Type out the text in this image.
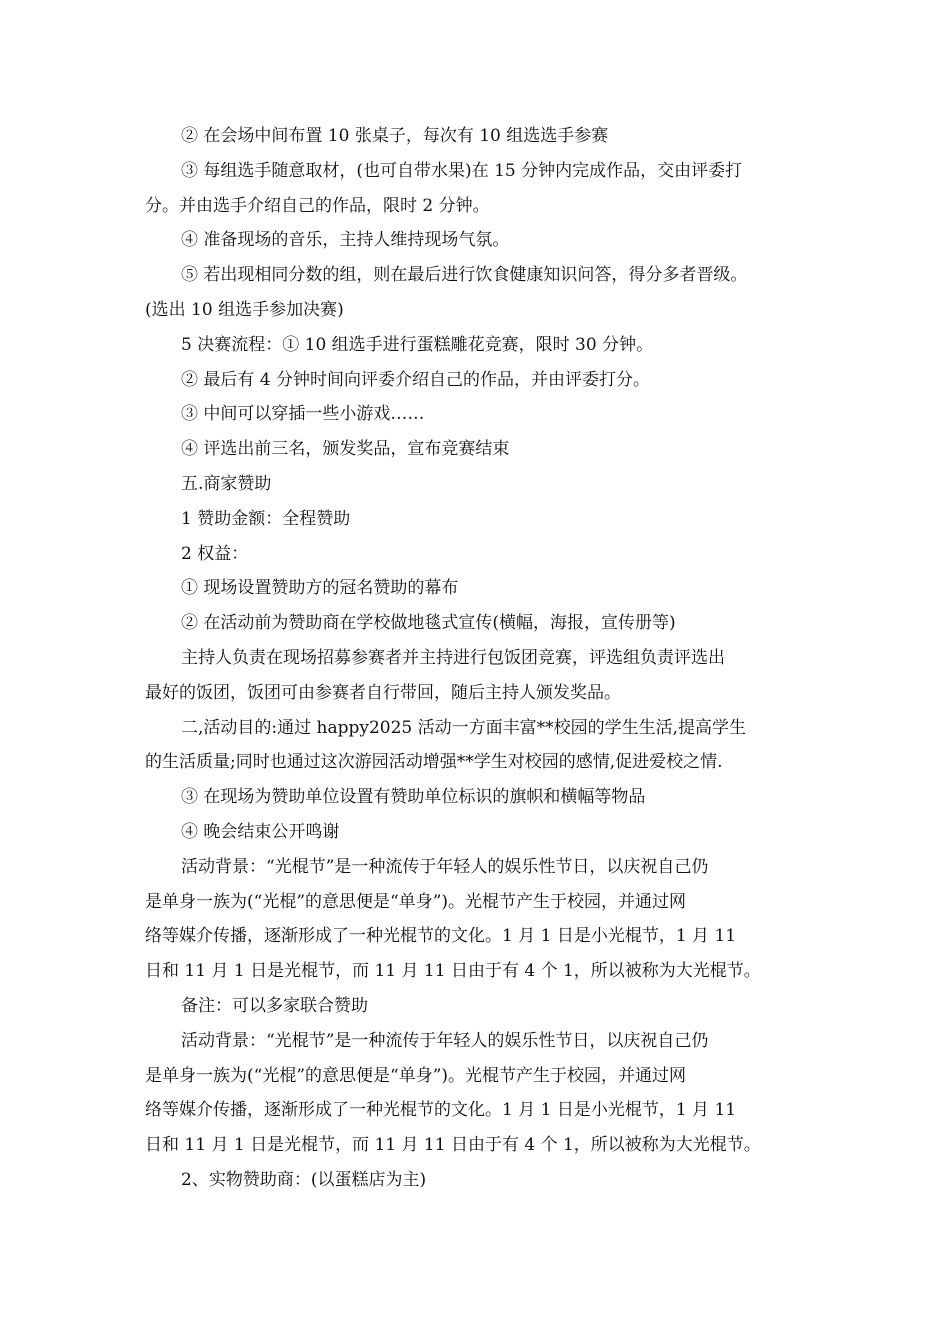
② 在会场中间布置 10 张桌子，每次有 10 组选选手参赛
③ 每组选手随意取材，(也可自带水果)在 15 分钟内完成作品，交由评委打
分。并由选手介绍自己的作品，限时 2 分钟。
④ 准备现场的音乐，主持人维持现场气氛。
⑤ 若出现相同分数的组，则在最后进行饮食健康知识问答，得分多者晋级。
(选出 10 组选手参加决赛)
5 决赛流程：① 10 组选手进行蛋糕雕花竞赛，限时 30 分钟。
② 最后有 4 分钟时间向评委介绍自己的作品，并由评委打分。
③ 中间可以穿插一些小游戏……
④ 评选出前三名，颁发奖品，宣布竞赛结束
五.商家赞助
1 赞助金额：全程赞助
2 权益：
① 现场设置赞助方的冠名赞助的幕布
② 在活动前为赞助商在学校做地毯式宣传(横幅，海报，宣传册等)
主持人负责在现场招募参赛者并主持进行包饭团竞赛，评选组负责评选出
最好的饭团，饭团可由参赛者自行带回，随后主持人颁发奖品。
二,活动目的:通过 happy2025 活动一方面丰富**校园的学生生活,提高学生
的生活质量;同时也通过这次游园活动增强**学生对校园的感情,促进爱校之情.
③ 在现场为赞助单位设置有赞助单位标识的旗帜和横幅等物品
④ 晚会结束公开鸣谢
活动背景：“光棍节”是一种流传于年轻人的娱乐性节日，以庆祝自己仍
是单身一族为(“光棍”的意思便是“单身”)。光棍节产生于校园，并通过网
络等媒介传播，逐渐形成了一种光棍节的文化。1 月 1 日是小光棍节，1 月 11
日和 11 月 1 日是光棍节，而 11 月 11 日由于有 4 个 1，所以被称为大光棍节。
备注：可以多家联合赞助
活动背景：“光棍节”是一种流传于年轻人的娱乐性节日，以庆祝自己仍
是单身一族为(“光棍”的意思便是“单身”)。光棍节产生于校园，并通过网
络等媒介传播，逐渐形成了一种光棍节的文化。1 月 1 日是小光棍节，1 月 11
日和 11 月 1 日是光棍节，而 11 月 11 日由于有 4 个 1，所以被称为大光棍节。
2、实物赞助商：(以蛋糕店为主)
